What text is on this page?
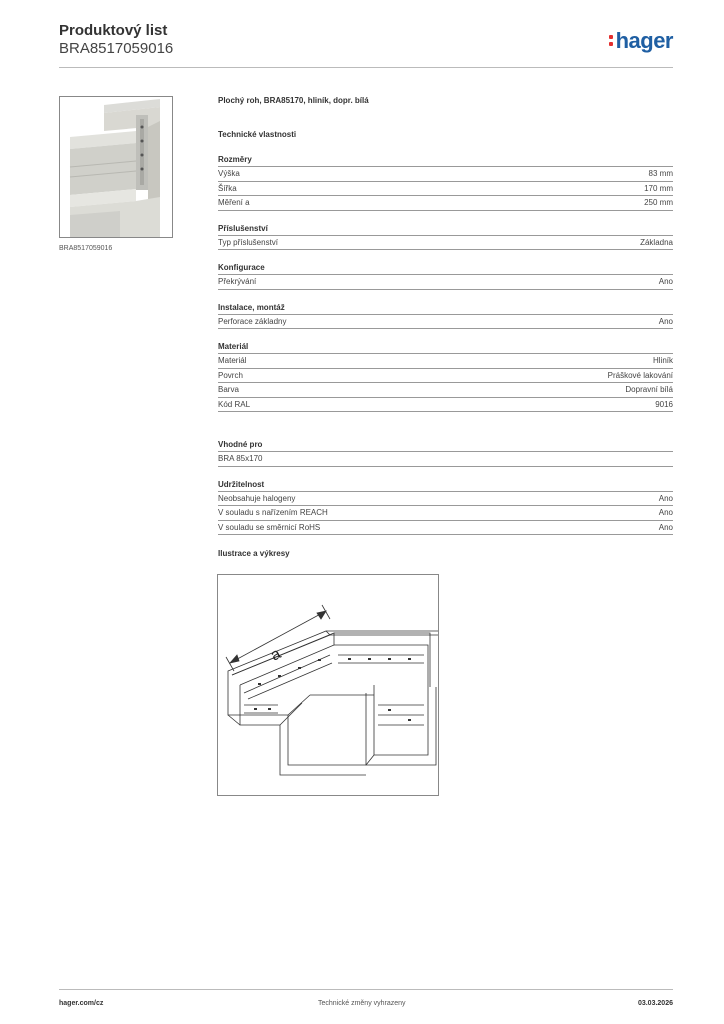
Produktový list
BRA8517059016	hager
BRA8517059016
Plochý roh, BRA85170, hliník, dopr. bílá
Technické vlastnosti
Rozměry
Výška	83 mm
Šířka	170 mm
Měření a	250 mm
Příslušenství
Typ příslušenství	Základna
Konfigurace
Překrývání	Ano
Instalace, montáž
Perforace základny	Ano
Materiál
Materiál	Hliník
Povrch	Práškové lakování
Barva	Dopravní bílá
Kód RAL	9016
Vhodné pro
BRA 85x170
Udržitelnost
Neobsahuje halogeny	Ano
V souladu s nařízením REACH	Ano
V souladu se směrnicí RoHS	Ano
Ilustrace a výkresy
a
hager.com/cz	Technické změny vyhrazeny	03.03.2026
